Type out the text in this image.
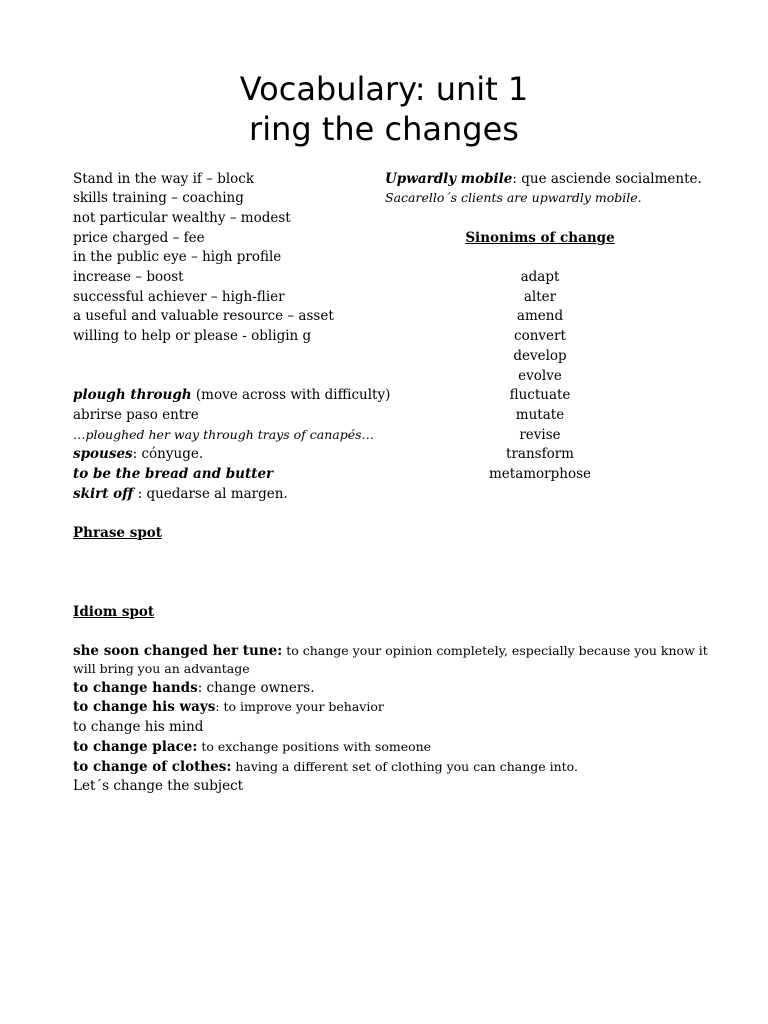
Vocabulary: unit 1
ring the changes
Stand in the way if – block
skills training – coaching
not particular wealthy – modest
price charged – fee
in the public eye – high profile
increase – boost
successful achiever – high-flier
a useful and valuable resource – asset
willing to help or please - obligin g
Upwardly mobile: que asciende socialmente.
Sacarello´s clients are upwardly mobile.
Sinonims of change
adapt
alter
amend
convert
develop
evolve
fluctuate
mutate
revise
transform
metamorphose
plough through (move across with difficulty)
abrirse paso entre
…ploughed her way through trays of canapés…
spouses: cónyuge.
to be the bread and butter
skirt off : quedarse al margen.
Phrase spot
Idiom spot
she soon changed her tune: to change your opinion completely, especially because you know it
will bring you an advantage
to change hands: change owners.
to change his ways: to improve your behavior
to change his mind
to change place: to exchange positions with someone
to change of clothes: having a different set of clothing you can change into.
Let´s change the subject
